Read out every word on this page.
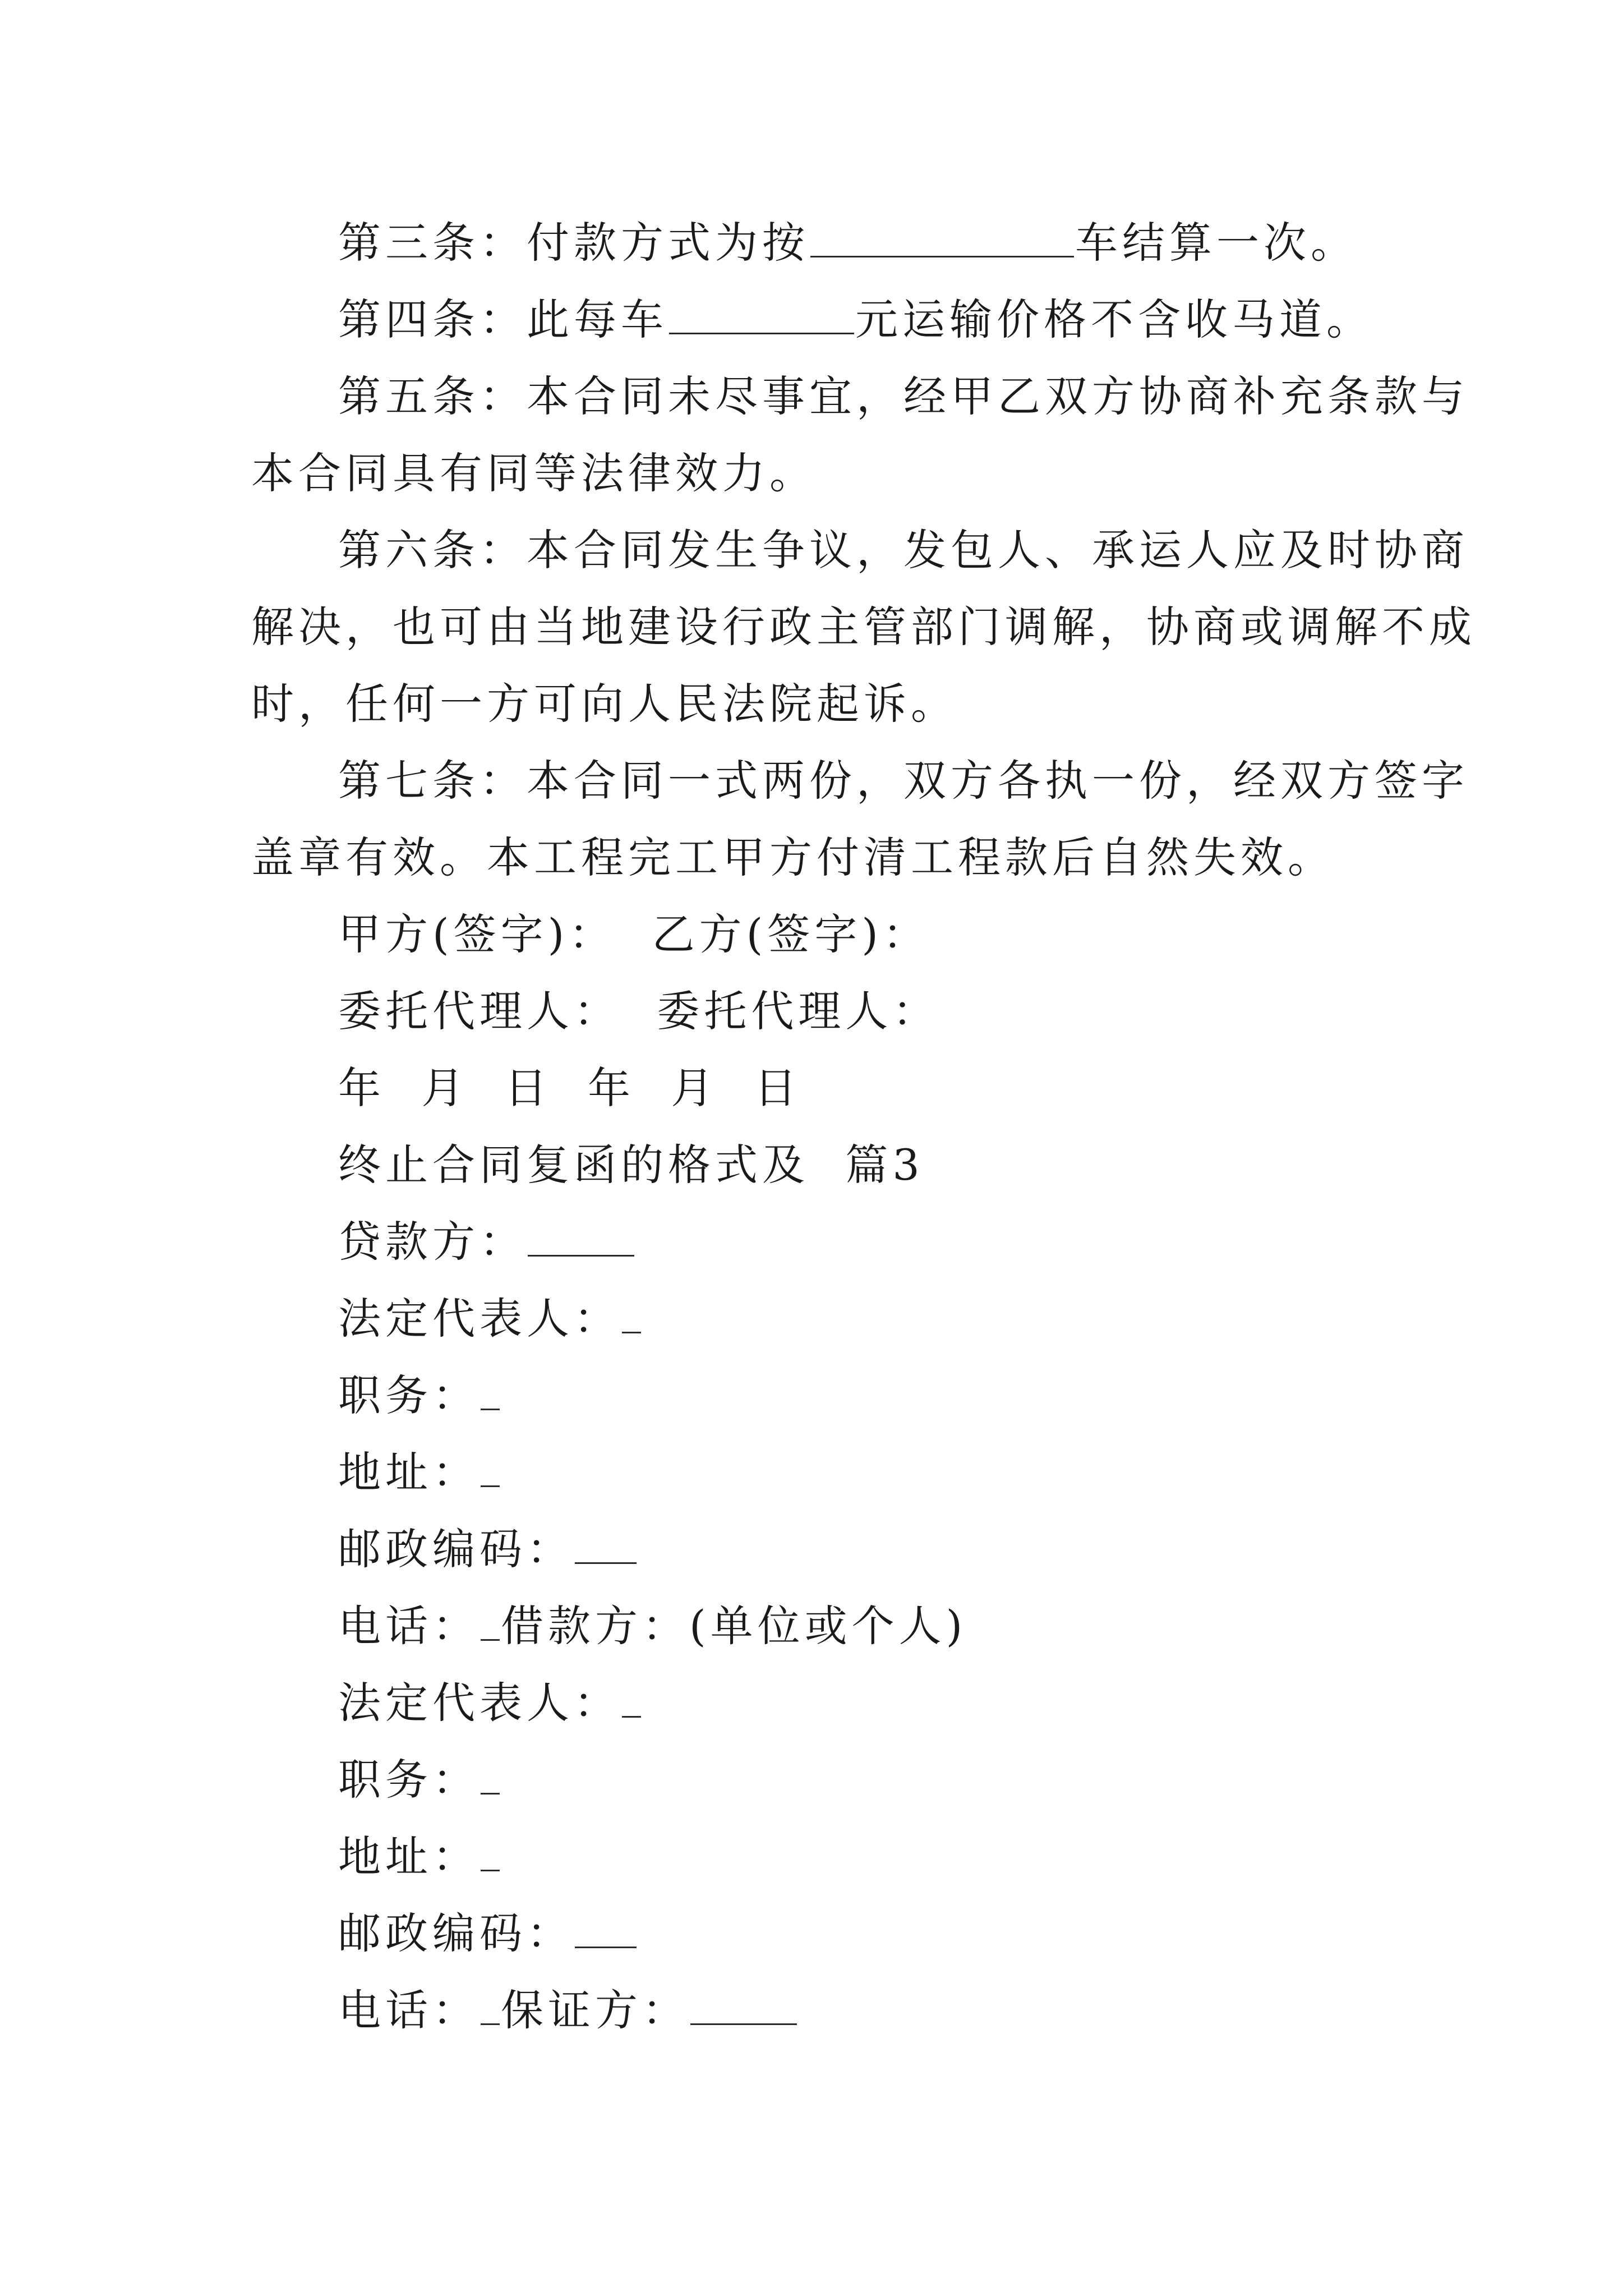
第三条：付款方式为按	车结算一次。
第四条：此每车	元运输价格不含收马道。
第五条：本合同未尽事宜，经甲乙双方协商补充条款与
本合同具有同等法律效力。
第六条：本合同发生争议，发包人、承运人应及时协商
解决，也可由当地建设行政主管部门调解，协商或调解不成
时，任何一方可向人民法院起诉。
第七条：本合同一式两份，双方各执一份，经双方签字
盖章有效。本工程完工甲方付清工程款后自然失效。
甲方(签字)：  乙方(签字)：
委托代理人：  委托代理人：
年  月  日  年  月  日
终止合同复函的格式及  篇3
贷款方：
法定代表人：
职务：
地址：
邮政编码：
电话： 借款方：(单位或个人)
法定代表人：
职务：
地址：
邮政编码：
电话： 保证方：
